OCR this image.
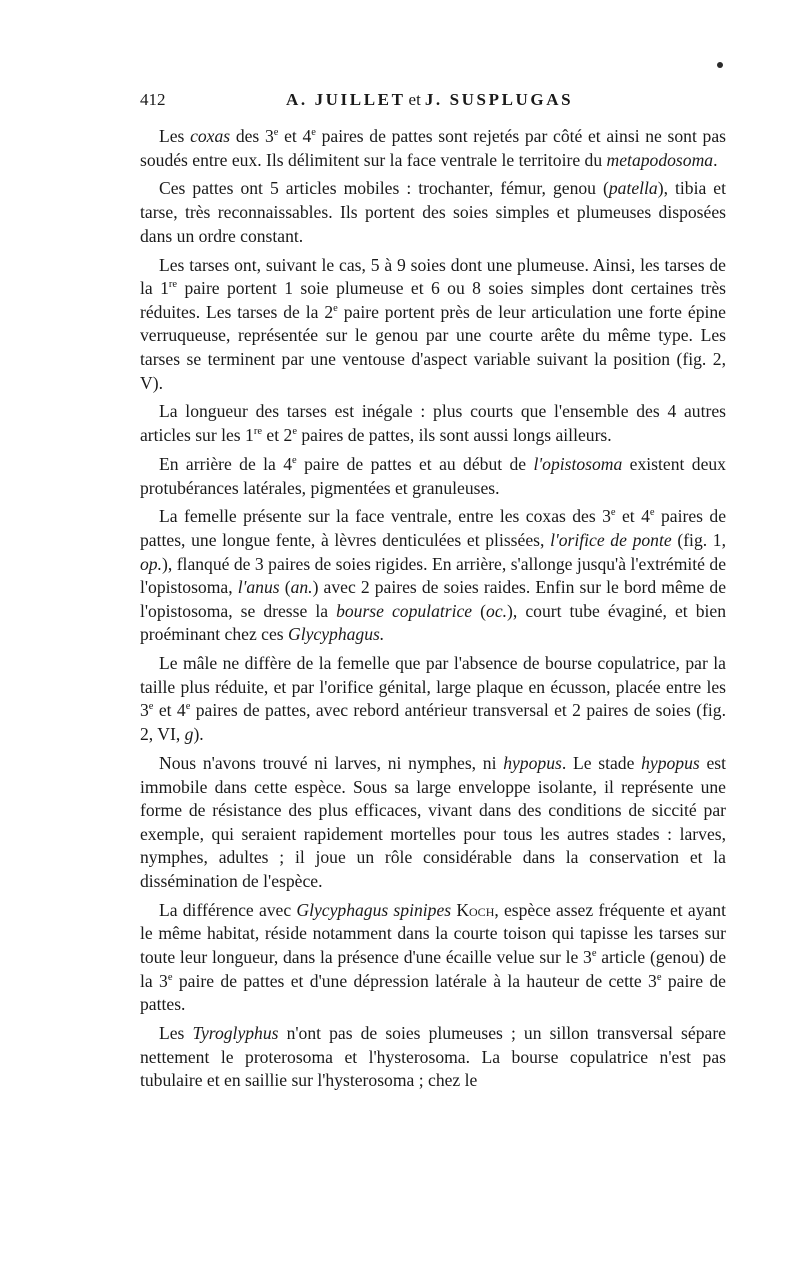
412	A. JUILLET et J. SUSPLUGAS

Les coxas des 3e et 4e paires de pattes sont rejetés par côté et ainsi ne sont pas soudés entre eux. Ils délimitent sur la face ventrale le territoire du metapodosoma.

Ces pattes ont 5 articles mobiles : trochanter, fémur, genou (patella), tibia et tarse, très reconnaissables. Ils portent des soies simples et plumeuses disposées dans un ordre constant.

Les tarses ont, suivant le cas, 5 à 9 soies dont une plumeuse. Ainsi, les tarses de la 1re paire portent 1 soie plumeuse et 6 ou 8 soies simples dont certaines très réduites. Les tarses de la 2e paire portent près de leur articulation une forte épine verruqueuse, représentée sur le genou par une courte arête du même type. Les tarses se terminent par une ventouse d'aspect variable suivant la position (fig. 2, V).

La longueur des tarses est inégale : plus courts que l'ensemble des 4 autres articles sur les 1re et 2e paires de pattes, ils sont aussi longs ailleurs.

En arrière de la 4e paire de pattes et au début de l'opistosoma existent deux protubérances latérales, pigmentées et granuleuses.

La femelle présente sur la face ventrale, entre les coxas des 3e et 4e paires de pattes, une longue fente, à lèvres denticulées et plissées, l'orifice de ponte (fig. 1, op.), flanqué de 3 paires de soies rigides. En arrière, s'allonge jusqu'à l'extrémité de l'opistosoma, l'anus (an.) avec 2 paires de soies raides. Enfin sur le bord même de l'opistosoma, se dresse la bourse copulatrice (oc.), court tube évaginé, et bien proéminant chez ces Glycyphagus.

Le mâle ne diffère de la femelle que par l'absence de bourse copulatrice, par la taille plus réduite, et par l'orifice génital, large plaque en écusson, placée entre les 3e et 4e paires de pattes, avec rebord antérieur transversal et 2 paires de soies (fig. 2, VI, g).

Nous n'avons trouvé ni larves, ni nymphes, ni hypopus. Le stade hypopus est immobile dans cette espèce. Sous sa large enveloppe isolante, il représente une forme de résistance des plus efficaces, vivant dans des conditions de siccité par exemple, qui seraient rapidement mortelles pour tous les autres stades : larves, nymphes, adultes ; il joue un rôle considérable dans la conservation et la dissémination de l'espèce.

La différence avec Glycyphagus spinipes Koch, espèce assez fréquente et ayant le même habitat, réside notamment dans la courte toison qui tapisse les tarses sur toute leur longueur, dans la présence d'une écaille velue sur le 3e article (genou) de la 3e paire de pattes et d'une dépression latérale à la hauteur de cette 3e paire de pattes.

Les Tyroglyphus n'ont pas de soies plumeuses ; un sillon transversal sépare nettement le proterosoma et l'hysterosoma. La bourse copulatrice n'est pas tubulaire et en saillie sur l'hysterosoma ; chez le
